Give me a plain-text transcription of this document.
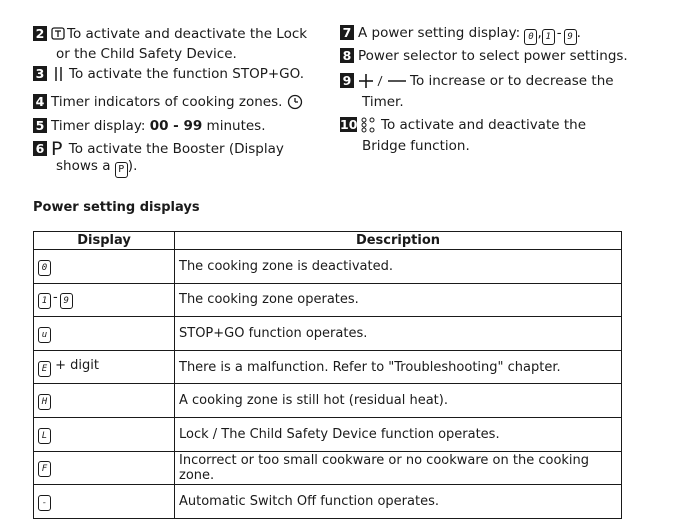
2 To activate and deactivate the Lock
or the Child Safety Device.
3 To activate the function STOP+GO.
4 Timer indicators of cooking zones.
5 Timer display: 00 - 99 minutes.
6 P To activate the Booster (Display
shows a P ).
7 A power setting display: 0 , 1 - 9 .
8 Power selector to select power settings.
9	To increase or to decrease the
Timer.
10 To activate and deactivate the
Bridge function.
Power setting displays
Display	Description
0	The cooking zone is deactivated.
1 - 9	The cooking zone operates.
u	STOP+GO function operates.
E + digit	There is a malfunction. Refer to "Troubleshooting" chapter.
H	A cooking zone is still hot (residual heat).
L	Lock / The Child Safety Device function operates.
F	Incorrect or too small cookware or no cookware on the cooking zone.
-	Automatic Switch Off function operates.
